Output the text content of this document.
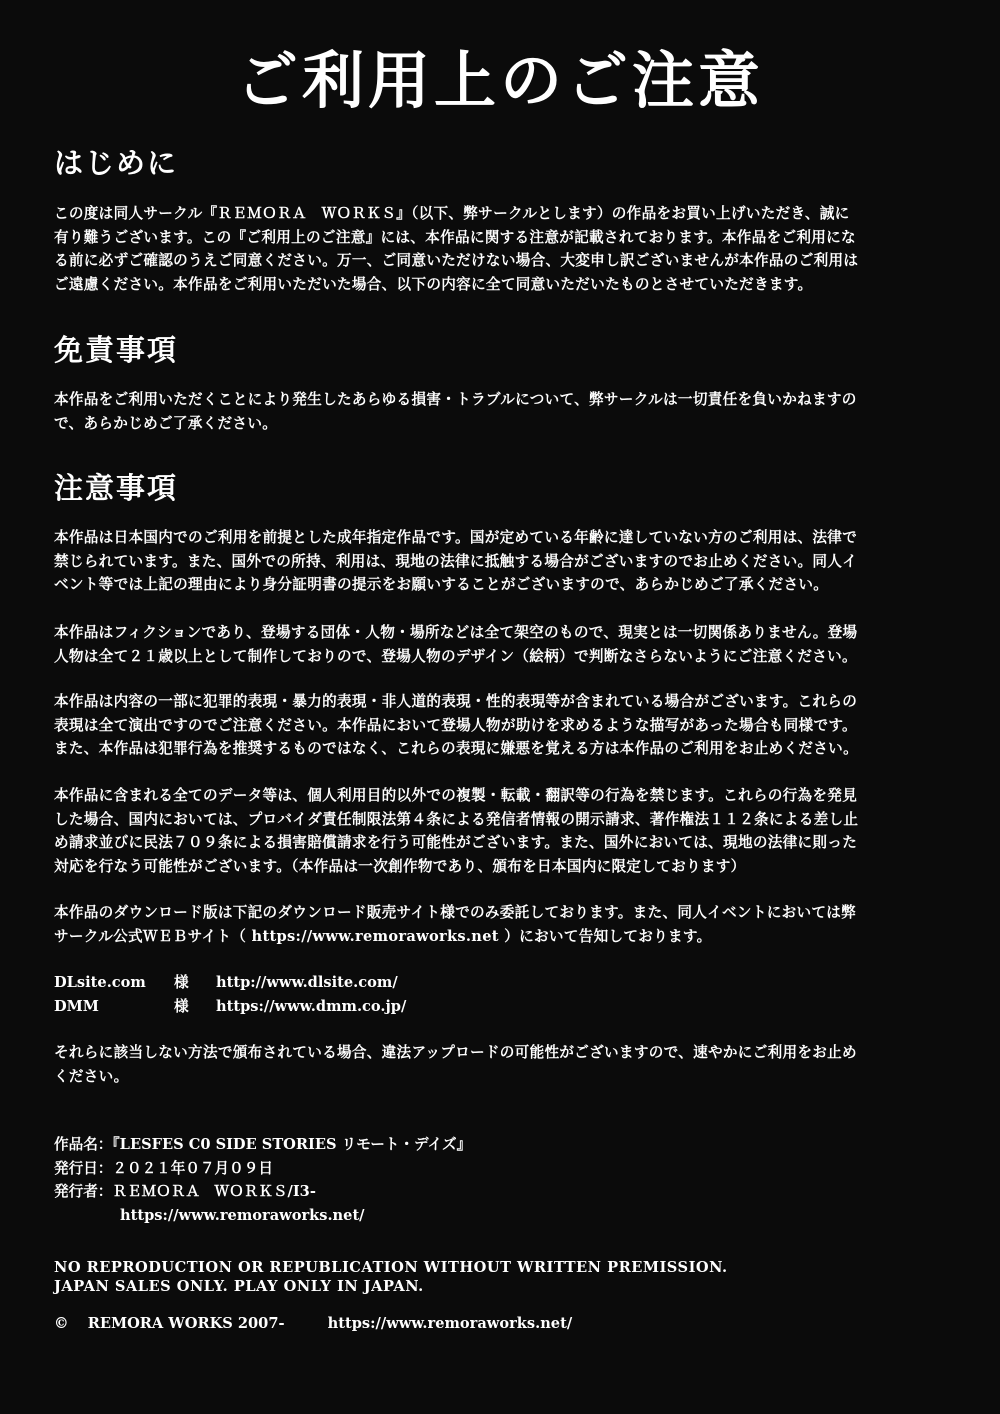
ご利用上のご注意
はじめに
この度は同人サークル『ＲＥＭＯＲＡ　ＷＯＲＫＳ』（以下、弊サークルとします）の作品をお買い上げいただき、誠に
有り難うございます。この『ご利用上のご注意』には、本作品に関する注意が記載されております。本作品をご利用にな
る前に必ずご確認のうえご同意ください。万一、ご同意いただけない場合、大変申し訳ございませんが本作品のご利用は
ご遠慮ください。本作品をご利用いただいた場合、以下の内容に全て同意いただいたものとさせていただきます。
免責事項
本作品をご利用いただくことにより発生したあらゆる損害・トラブルについて、弊サークルは一切責任を負いかねますの
で、あらかじめご了承ください。
注意事項
本作品は日本国内でのご利用を前提とした成年指定作品です。国が定めている年齢に達していない方のご利用は、法律で
禁じられています。また、国外での所持、利用は、現地の法律に抵触する場合がございますのでお止めください。同人イ
ベント等では上記の理由により身分証明書の提示をお願いすることがございますので、あらかじめご了承ください。
本作品はフィクションであり、登場する団体・人物・場所などは全て架空のもので、現実とは一切関係ありません。登場
人物は全て２１歳以上として制作しておりので、登場人物のデザイン（絵柄）で判断なさらないようにご注意ください。
本作品は内容の一部に犯罪的表現・暴力的表現・非人道的表現・性的表現等が含まれている場合がございます。これらの
表現は全て演出ですのでご注意ください。本作品において登場人物が助けを求めるような描写があった場合も同様です。
また、本作品は犯罪行為を推奨するものではなく、これらの表現に嫌悪を覚える方は本作品のご利用をお止めください。
本作品に含まれる全てのデータ等は、個人利用目的以外での複製・転載・翻訳等の行為を禁じます。これらの行為を発見
した場合、国内においては、プロバイダ責任制限法第４条による発信者情報の開示請求、著作権法１１２条による差し止
め請求並びに民法７０９条による損害賠償請求を行う可能性がございます。また、国外においては、現地の法律に則った
対応を行なう可能性がございます。（本作品は一次創作物であり、頒布を日本国内に限定しております）
本作品のダウンロード版は下記のダウンロード販売サイト様でのみ委託しております。また、同人イベントにおいては弊
サークル公式ＷＥＢサイト（ https://www.remoraworks.net ）において告知しております。
DLsite.com	様	http://www.dlsite.com/
DMM	様	https://www.dmm.co.jp/
それらに該当しない方法で頒布されている場合、違法アップロードの可能性がございますので、速やかにご利用をお止め
ください。
作品名：『LESFES C0 SIDE STORIES リモート・デイズ』
発行日：２０２１年０７月０９日
発行者：ＲＥＭＯＲＡ　ＷＯＲＫＳ/I3-
https://www.remoraworks.net/
NO REPRODUCTION OR REPUBLICATION WITHOUT WRITTEN PREMISSION.
JAPAN SALES ONLY. PLAY ONLY IN JAPAN.
© REMORA WORKS 2007-	https://www.remoraworks.net/
